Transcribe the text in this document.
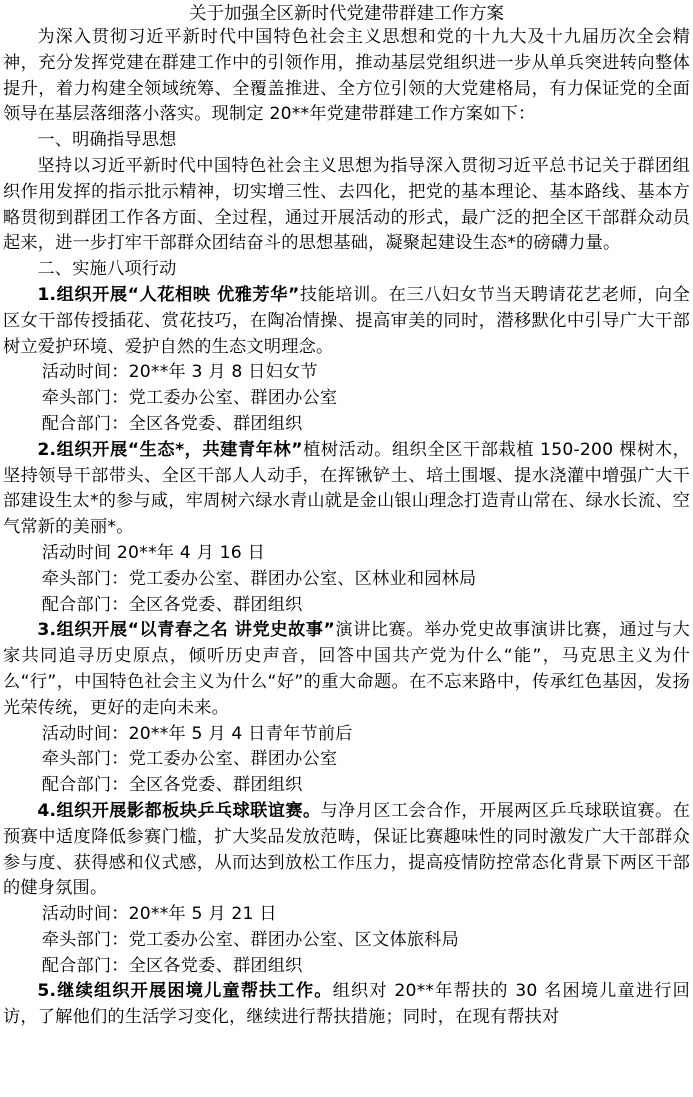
关于加强全区新时代党建带群建工作方案

为深入贯彻习近平新时代中国特色社会主义思想和党的十九大及十九届历次全会精神，充分发挥党建在群建工作中的引领作用，推动基层党组织进一步从单兵突进转向整体提升，着力构建全领域统筹、全覆盖推进、全方位引领的大党建格局，有力保证党的全面领导在基层落细落小落实。现制定 20**年党建带群建工作方案如下：

一、明确指导思想

坚持以习近平新时代中国特色社会主义思想为指导深入贯彻习近平总书记关于群团组织作用发挥的指示批示精神，切实增三性、去四化，把党的基本理论、基本路线、基本方略贯彻到群团工作各方面、全过程，通过开展活动的形式，最广泛的把全区干部群众动员起来，进一步打牢干部群众团结奋斗的思想基础，凝聚起建设生态*的磅礴力量。

二、实施八项行动

1.组织开展“人花相映 优雅芳华”技能培训。在三八妇女节当天聘请花艺老师，向全区女干部传授插花、赏花技巧，在陶冶情操、提高审美的同时，潜移默化中引导广大干部树立爱护环境、爱护自然的生态文明理念。

活动时间：20**年 3 月 8 日妇女节

牵头部门：党工委办公室、群团办公室

配合部门：全区各党委、群团组织

2.组织开展“生态*，共建青年林”植树活动。组织全区干部栽植 150-200 棵树木，坚持领导干部带头、全区干部人人动手，在挥锹铲土、培土围堰、提水浇灌中增强广大干部建设生太*的参与咸，牢周树六绿水青山就是金山银山理念打造青山常在、绿水长流、空气常新的美丽*。

活动时间 20**年 4 月 16 日

牵头部门：党工委办公室、群团办公室、区林业和园林局

配合部门：全区各党委、群团组织

3.组织开展“以青春之名 讲党史故事”演讲比赛。举办党史故事演讲比赛，通过与大家共同追寻历史原点，倾听历史声音，回答中国共产党为什么“能”，马克思主义为什么“行”，中国特色社会主义为什么“好”的重大命题。在不忘来路中，传承红色基因，发扬光荣传统，更好的走向未来。

活动时间：20**年 5 月 4 日青年节前后

牵头部门：党工委办公室、群团办公室

配合部门：全区各党委、群团组织

4.组织开展影都板块乒乓球联谊赛。与净月区工会合作，开展两区乒乓球联谊赛。在预赛中适度降低参赛门槛，扩大奖品发放范畴，保证比赛趣味性的同时激发广大干部群众参与度、获得感和仪式感，从而达到放松工作压力，提高疫情防控常态化背景下两区干部的健身氛围。

活动时间：20**年 5 月 21 日

牵头部门：党工委办公室、群团办公室、区文体旅科局

配合部门：全区各党委、群团组织

5.继续组织开展困境儿童帮扶工作。组织对 20**年帮扶的 30 名困境儿童进行回访，了解他们的生活学习变化，继续进行帮扶措施；同时，在现有帮扶对
